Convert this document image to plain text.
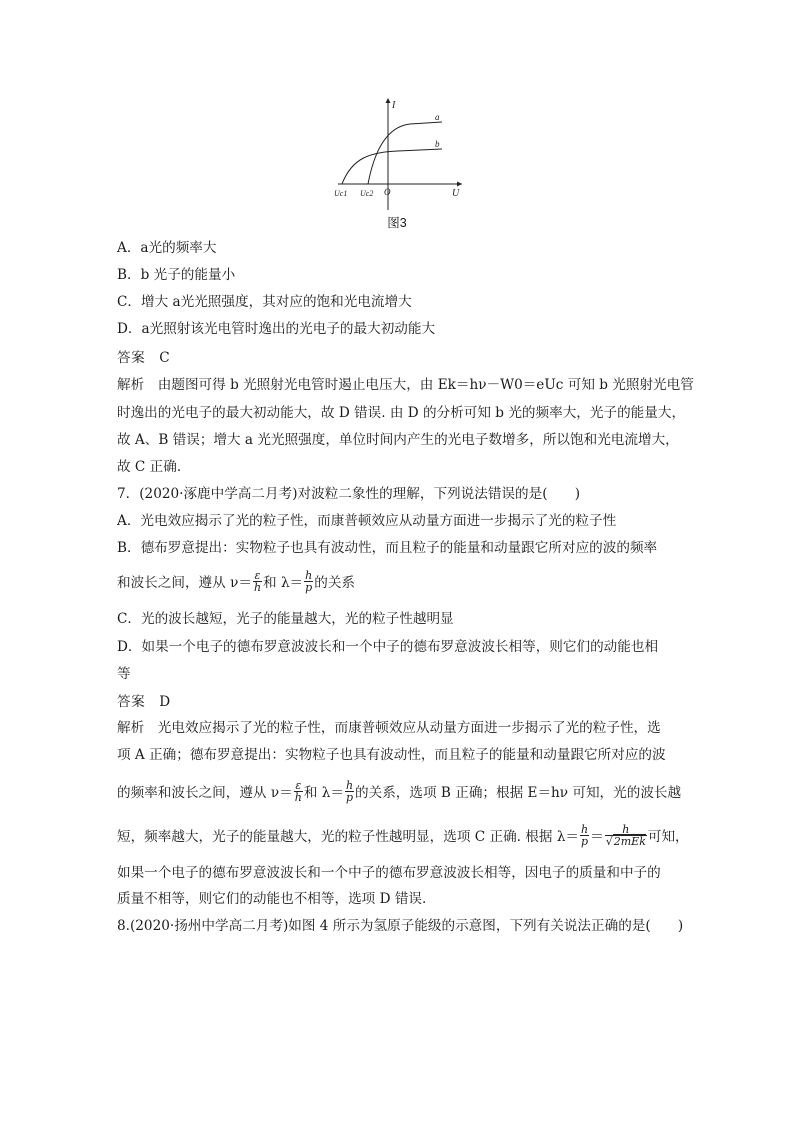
I
U
O
Uc1 Uc2
a
b
图3
A．a光的频率大
B．b 光子的能量小
C．增大 a光光照强度，其对应的饱和光电流增大
D．a光照射该光电管时逸出的光电子的最大初动能大
答案　C
解析　由题图可得 b 光照射光电管时遏止电压大，由 Ek＝hν－W0＝eUc 可知 b 光照射光电管
时逸出的光电子的最大初动能大，故 D 错误. 由 D 的分析可知 b 光的频率大，光子的能量大，
故 A、B 错误；增大 a 光光照强度，单位时间内产生的光电子数增多，所以饱和光电流增大，
故 C 正确.
7．(2020·涿鹿中学高二月考)对波粒二象性的理解，下列说法错误的是(　　)
A．光电效应揭示了光的粒子性，而康普顿效应从动量方面进一步揭示了光的粒子性
B．德布罗意提出：实物粒子也具有波动性，而且粒子的能量和动量跟它所对应的波的频率
和波长之间，遵从 $\nu= \frac{\varepsilon}{h}$ 和 $\lambda= \frac{h}{p}$ 的关系
C．光的波长越短，光子的能量越大，光的粒子性越明显
D．如果一个电子的德布罗意波波长和一个中子的德布罗意波波长相等，则它们的动能也相
等
答案　D
解析　光电效应揭示了光的粒子性，而康普顿效应从动量方面进一步揭示了光的粒子性，选
项 A 正确；德布罗意提出：实物粒子也具有波动性，而且粒子的能量和动量跟它所对应的波
的频率和波长之间，遵从 $\nu= \frac{\varepsilon}{h}$ 和 $\lambda= \frac{h}{p}$ 的关系，选项 B 正确；根据 E＝hν 可知，光的波长越
短，频率越大，光子的能量越大，光的粒子性越明显，选项 C 正确. 根据 $\lambda= \frac{h}{p} = \frac{h}{\text{√2mEk}}$ 可知，
如果一个电子的德布罗意波波长和一个中子的德布罗意波波长相等，因电子的质量和中子的
质量不相等，则它们的动能也不相等，选项 D 错误.
8.(2020·扬州中学高二月考)如图 4 所示为氢原子能级的示意图，下列有关说法正确的是(　　)
